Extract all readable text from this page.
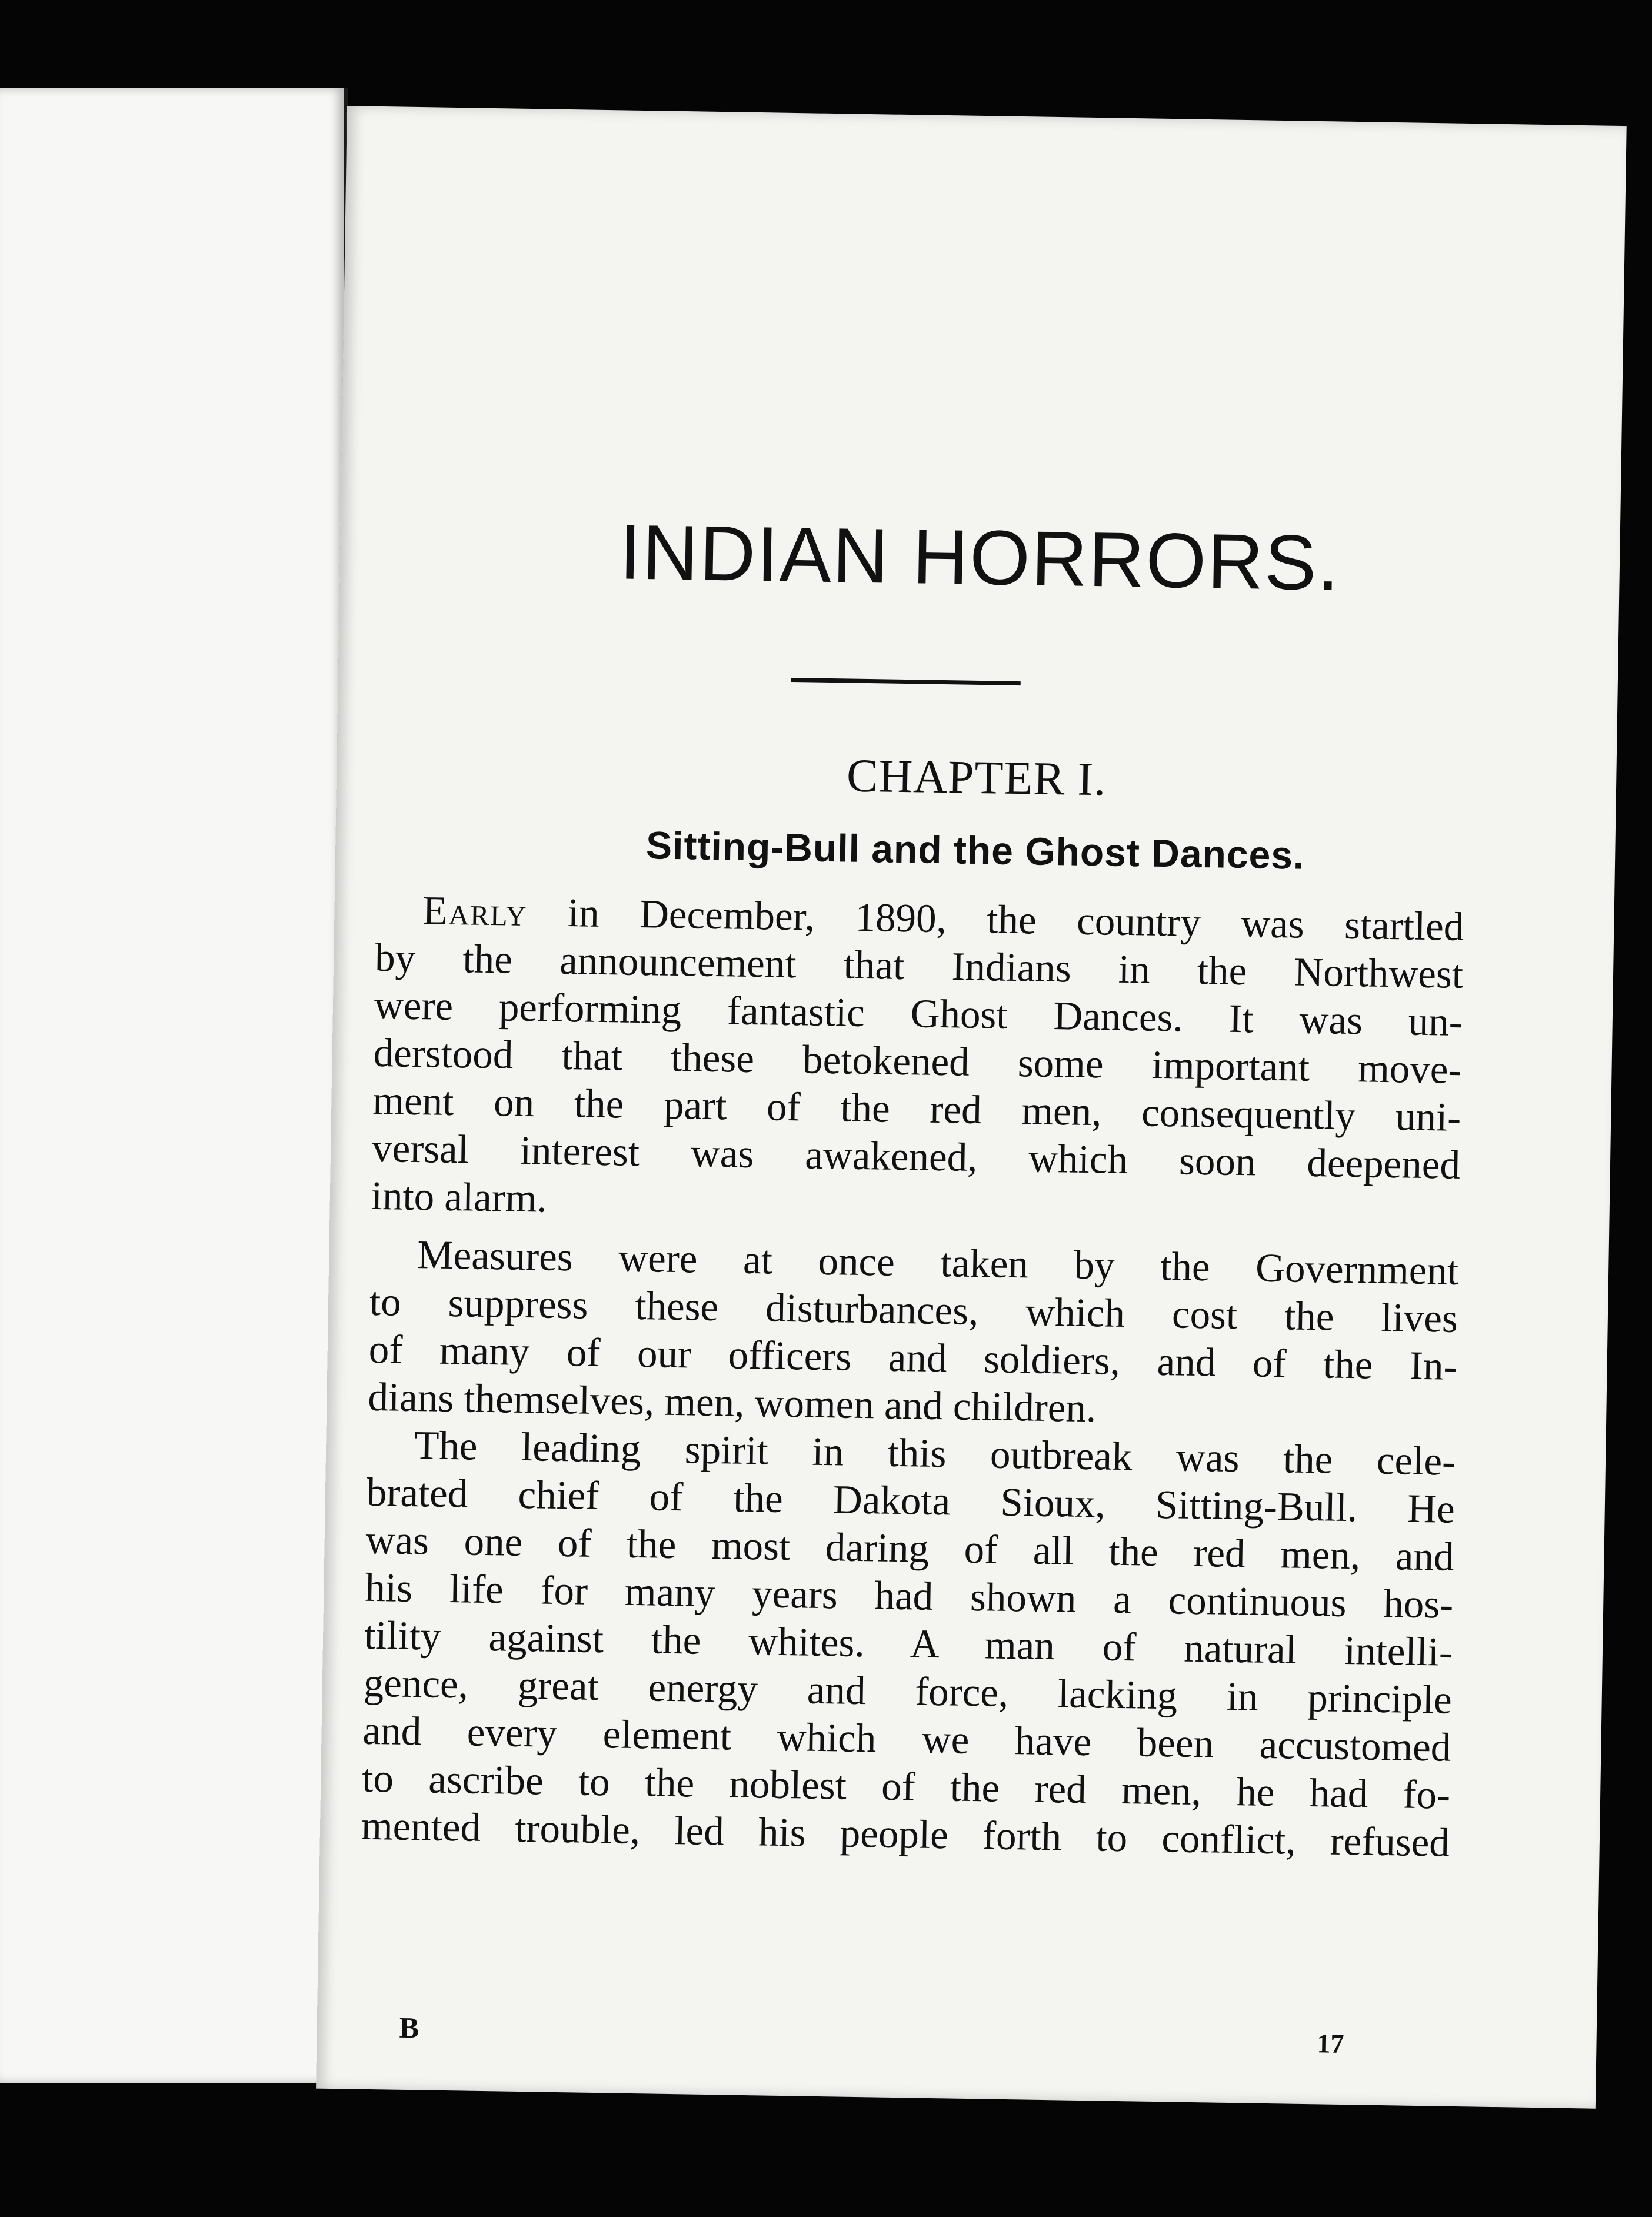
INDIAN HORRORS.
CHAPTER I.
Sitting-Bull and the Ghost Dances.
Early in December, 1890, the country was startled
by the announcement that Indians in the Northwest
were performing fantastic Ghost Dances. It was un-
derstood that these betokened some important move-
ment on the part of the red men, consequently uni-
versal interest was awakened, which soon deepened
into alarm.
Measures were at once taken by the Government
to suppress these disturbances, which cost the lives
of many of our officers and soldiers, and of the In-
dians themselves, men, women and children.
The leading spirit in this outbreak was the cele-
brated chief of the Dakota Sioux, Sitting-Bull. He
was one of the most daring of all the red men, and
his life for many years had shown a continuous hos-
tility against the whites. A man of natural intelli-
gence, great energy and force, lacking in principle
and every element which we have been accustomed
to ascribe to the noblest of the red men, he had fo-
mented trouble, led his people forth to conflict, refused
B	17
